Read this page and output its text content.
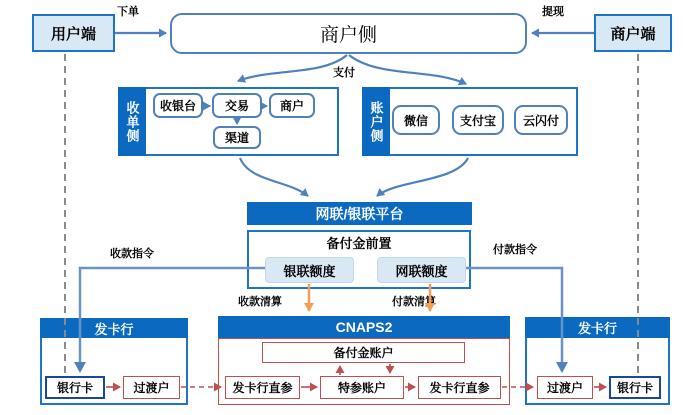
用户端	商户侧	商户端
下单	提现
支付
收单侧	收银台	交易	商户
渠道	账户侧	微信	支付宝	云闪付
网联/银联平台
备付金前置
银联额度	网联额度
收款指令	付款指令
收款清算	付款清算
发卡行
银行卡	过渡户
CNAPS2
备付金账户
发卡行直参	特参账户	发卡行直参
发卡行
过渡户	银行卡
